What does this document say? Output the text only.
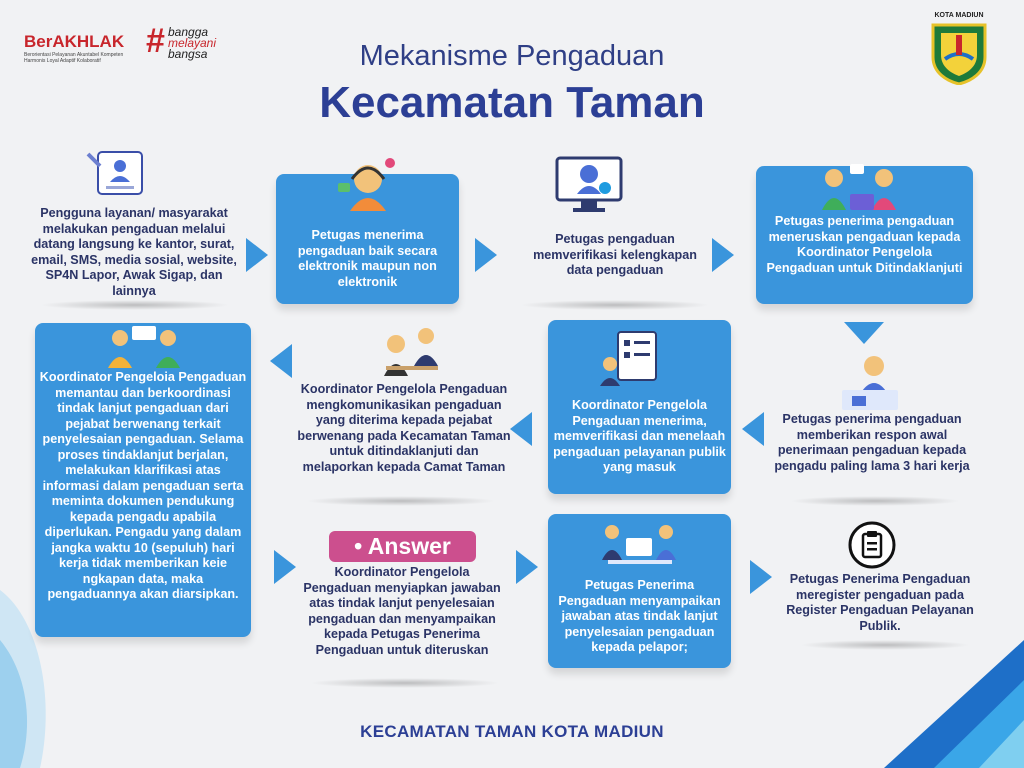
BerAKHLAK
Berorientasi Pelayanan Akuntabel Kompeten Harmonis Loyal Adaptif Kolaboratif
# bangga
melayani
bangsa
KOTA MADIUN
Mekanisme Pengaduan
Kecamatan Taman
Pengguna layanan/ masyarakat melakukan pengaduan melalui datang langsung ke kantor, surat, email, SMS, media sosial, website, SP4N Lapor, Awak Sigap, dan lainnya
Petugas menerima pengaduan baik secara elektronik maupun non elektronik
Petugas pengaduan memverifikasi kelengkapan data pengaduan
Petugas penerima pengaduan meneruskan pengaduan kepada Koordinator Pengelola Pengaduan untuk Ditindaklanjuti
Petugas penerima pengaduan memberikan respon awal penerimaan pengaduan kepada pengadu paling lama 3 hari kerja
Koordinator Pengelola Pengaduan menerima, memverifikasi dan menelaah pengaduan pelayanan publik yang masuk
Koordinator Pengelola Pengaduan mengkomunikasikan pengaduan yang diterima kepada pejabat berwenang pada Kecamatan Taman untuk ditindaklanjuti dan melaporkan kepada Camat Taman
Koordinator Pengeloia Pengaduan memantau dan berkoordinasi tindak lanjut pengaduan dari pejabat berwenang terkait penyelesaian pengaduan. Selama proses tindaklanjut berjalan, melakukan klarifikasi atas informasi dalam pengaduan serta meminta dokumen pendukung kepada pengadu apabila diperlukan. Pengadu yang dalam jangka waktu 10 (sepuluh) hari kerja tidak memberikan keie ngkapan data, maka pengaduannya akan diarsipkan.
• Answer
Koordinator Pengelola Pengaduan menyiapkan jawaban atas tindak lanjut penyelesaian pengaduan dan menyampaikan kepada Petugas Penerima Pengaduan untuk diteruskan
Petugas Penerima Pengaduan menyampaikan jawaban atas tindak lanjut penyelesaian pengaduan kepada pelapor;
Petugas Penerima Pengaduan meregister pengaduan pada Register Pengaduan Pelayanan Publik.
KECAMATAN TAMAN KOTA MADIUN
